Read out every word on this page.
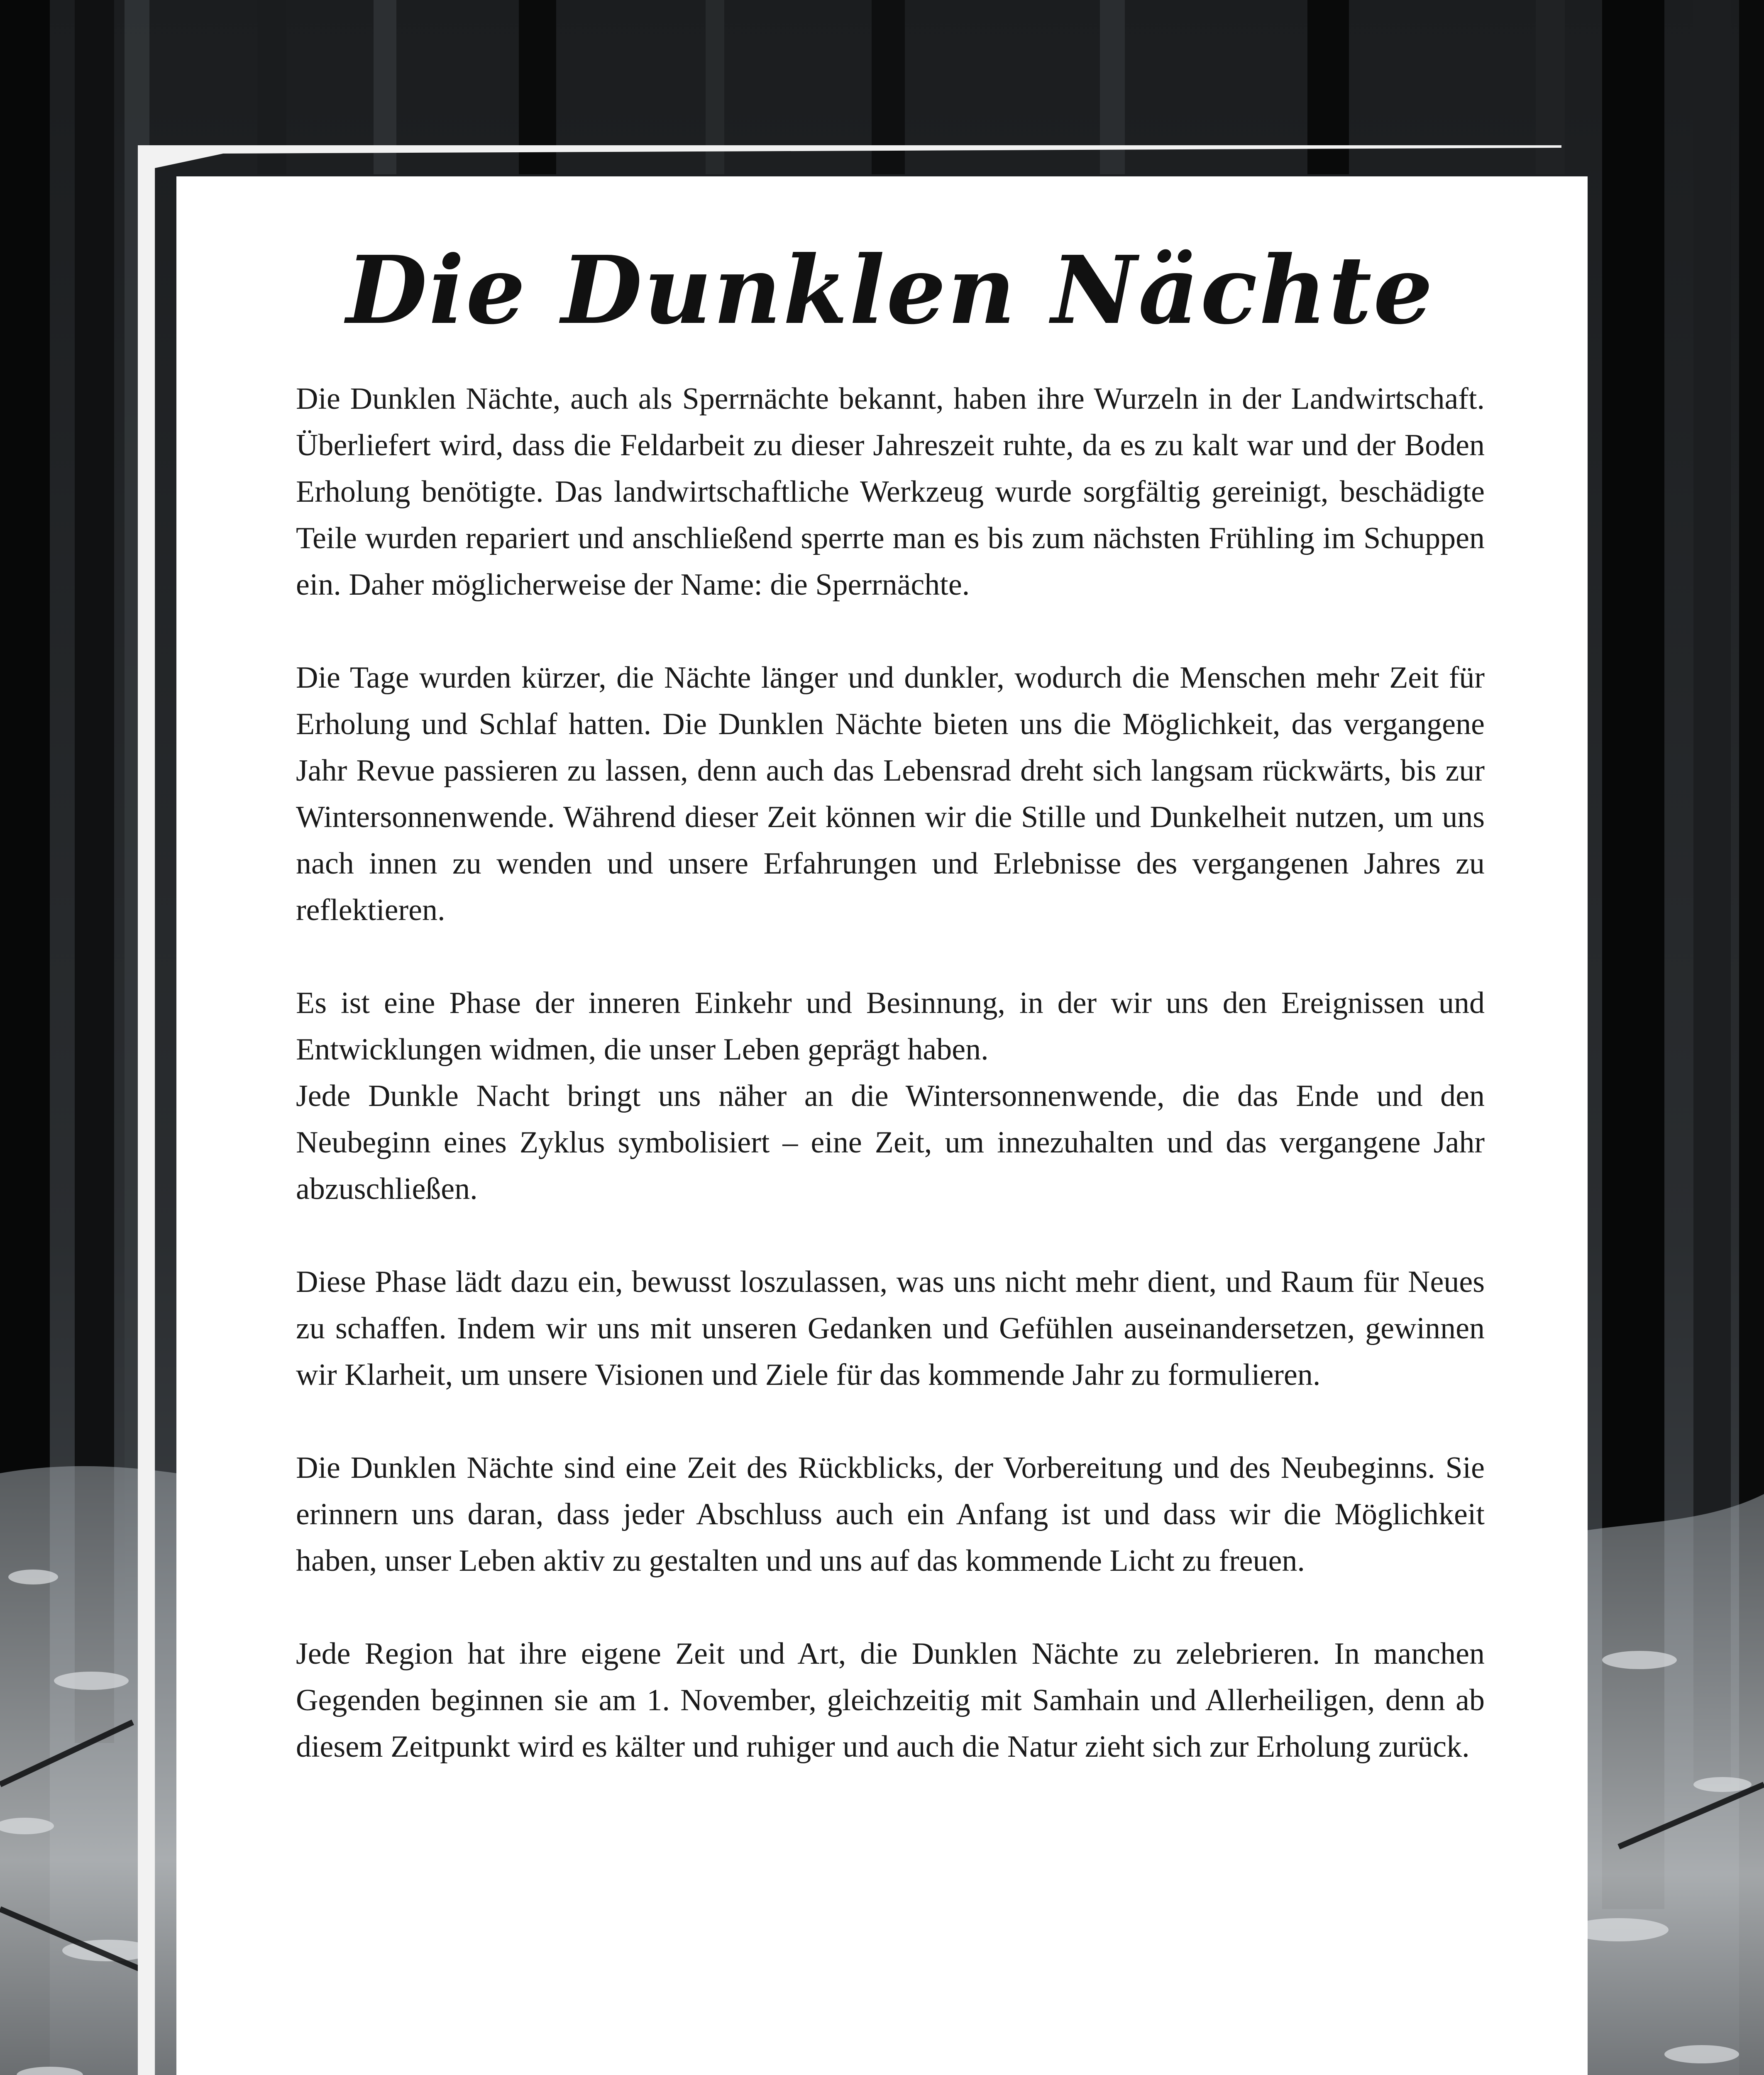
Die Dunklen Nächte

Die Dunklen Nächte, auch als Sperrnächte bekannt, haben ihre Wurzeln in der Landwirtschaft. Überliefert wird, dass die Feldarbeit zu dieser Jahreszeit ruhte, da es zu kalt war und der Boden Erholung benötigte. Das landwirtschaftliche Werkzeug wurde sorgfältig gereinigt, beschädigte Teile wurden repariert und anschließend sperrte man es bis zum nächsten Frühling im Schuppen ein. Daher möglicherweise der Name: die Sperrnächte.

Die Tage wurden kürzer, die Nächte länger und dunkler, wodurch die Menschen mehr Zeit für Erholung und Schlaf hatten. Die Dunklen Nächte bieten uns die Möglichkeit, das vergangene Jahr Revue passieren zu lassen, denn auch das Lebensrad dreht sich langsam rückwärts, bis zur Wintersonnenwende. Während dieser Zeit können wir die Stille und Dunkelheit nutzen, um uns nach innen zu wenden und unsere Erfahrungen und Erlebnisse des vergangenen Jahres zu reflektieren.

Es ist eine Phase der inneren Einkehr und Besinnung, in der wir uns den Ereignissen und Entwicklungen widmen, die unser Leben geprägt haben.

Jede Dunkle Nacht bringt uns näher an die Wintersonnenwende, die das Ende und den Neubeginn eines Zyklus symbolisiert – eine Zeit, um innezuhalten und das vergangene Jahr abzuschließen.

Diese Phase lädt dazu ein, bewusst loszulassen, was uns nicht mehr dient, und Raum für Neues zu schaffen. Indem wir uns mit unseren Gedanken und Gefühlen auseinandersetzen, gewinnen wir Klarheit, um unsere Visionen und Ziele für das kommende Jahr zu formulieren.

Die Dunklen Nächte sind eine Zeit des Rückblicks, der Vorbereitung und des Neubeginns. Sie erinnern uns daran, dass jeder Abschluss auch ein Anfang ist und dass wir die Möglichkeit haben, unser Leben aktiv zu gestalten und uns auf das kommende Licht zu freuen.

Jede Region hat ihre eigene Zeit und Art, die Dunklen Nächte zu zelebrieren. In manchen Gegenden beginnen sie am 1. November, gleichzeitig mit Samhain und Allerheiligen, denn ab diesem Zeitpunkt wird es kälter und ruhiger und auch die Natur zieht sich zur Erholung zurück.
